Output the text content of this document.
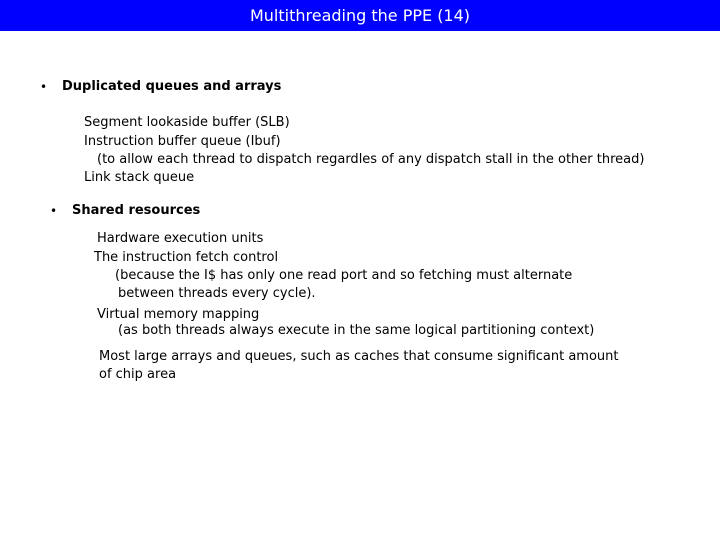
Multithreading the PPE (14)
• Duplicated queues and arrays
Segment lookaside buffer (SLB)
Instruction buffer queue (Ibuf)
(to allow each thread to dispatch regardles of any dispatch stall in the other thread)
Link stack queue
• Shared resources
Hardware execution units
The instruction fetch control
(because the I$ has only one read port and so fetching must alternate
between threads every cycle).
Virtual memory mapping
(as both threads always execute in the same logical partitioning context)
Most large arrays and queues, such as caches that consume significant amount
of chip area
